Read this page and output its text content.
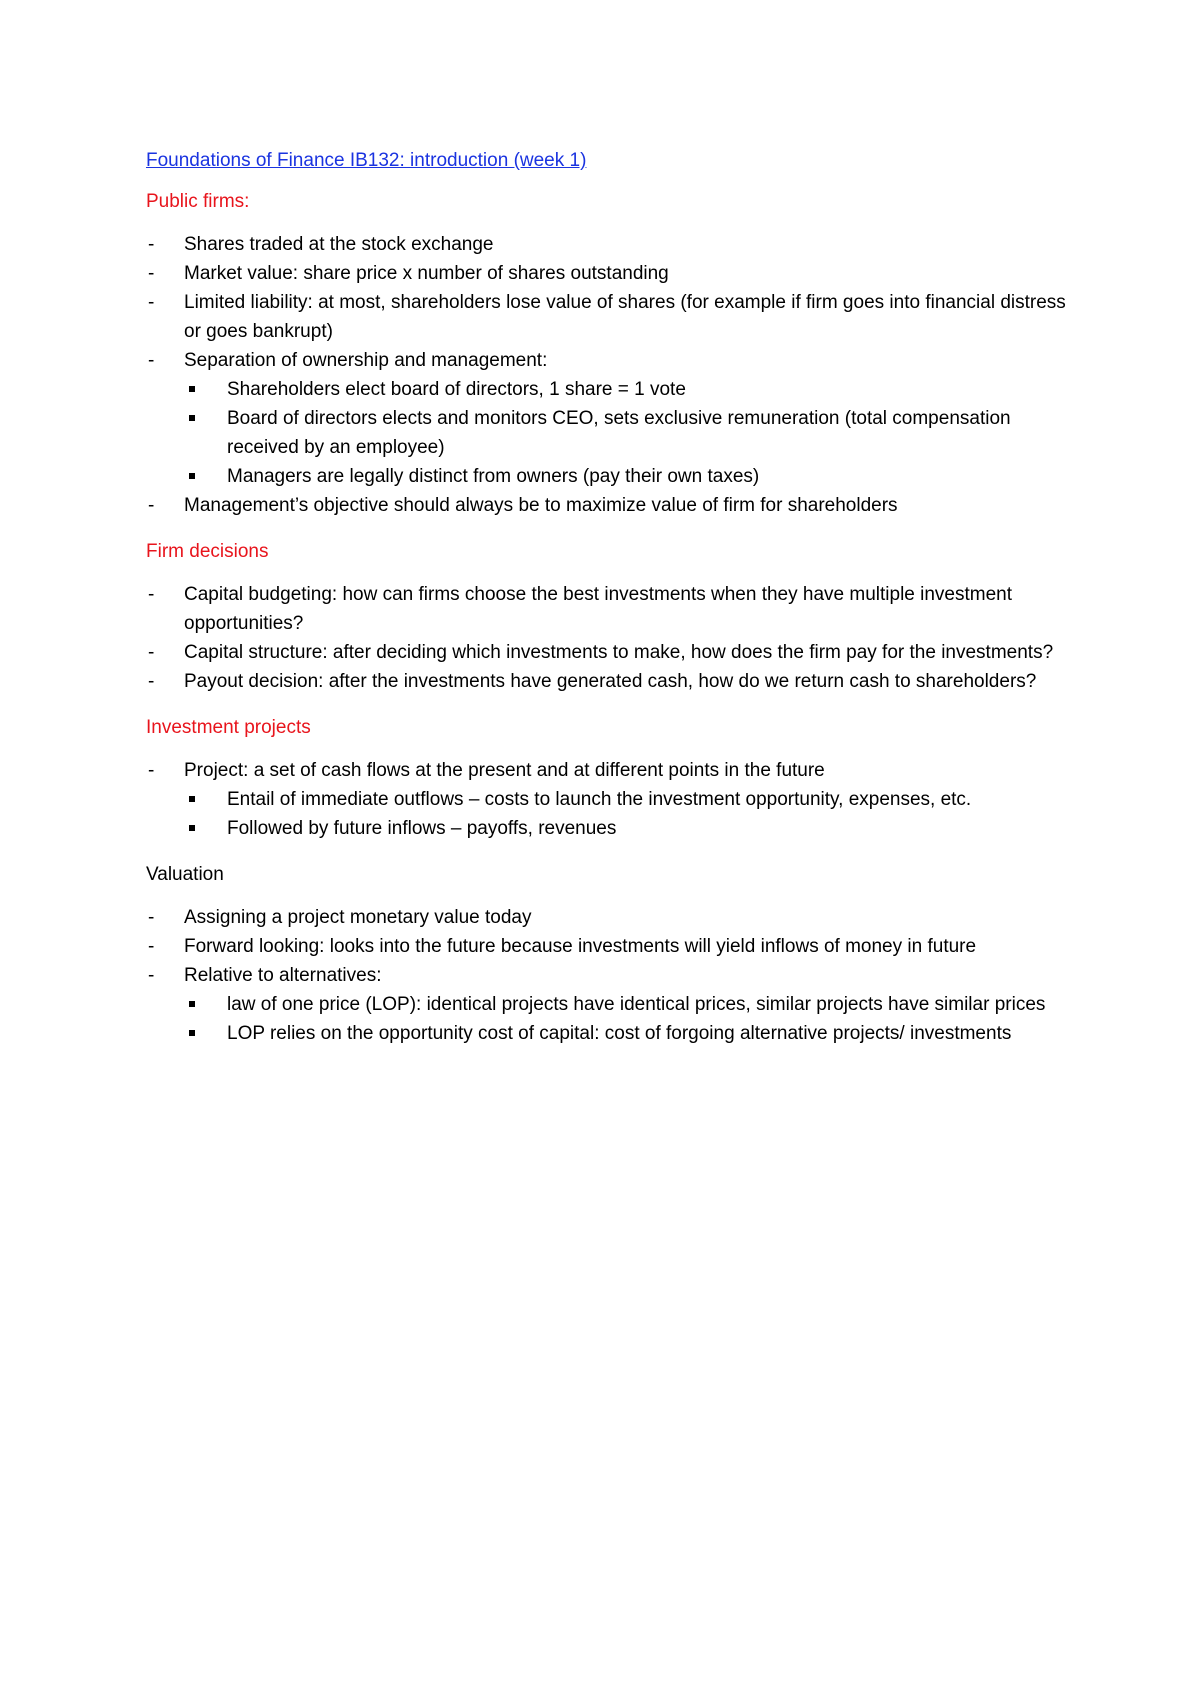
Foundations of Finance IB132: introduction (week 1)
Public firms:
- Shares traded at the stock exchange
- Market value: share price x number of shares outstanding
- Limited liability: at most, shareholders lose value of shares (for example if firm goes into financial distress or goes bankrupt)
- Separation of ownership and management:
Shareholders elect board of directors, 1 share = 1 vote
Board of directors elects and monitors CEO, sets exclusive remuneration (total compensation received by an employee)
Managers are legally distinct from owners (pay their own taxes)
- Management’s objective should always be to maximize value of firm for shareholders
Firm decisions
- Capital budgeting: how can firms choose the best investments when they have multiple investment opportunities?
- Capital structure: after deciding which investments to make, how does the firm pay for the investments?
- Payout decision: after the investments have generated cash, how do we return cash to shareholders?
Investment projects
- Project: a set of cash flows at the present and at different points in the future
Entail of immediate outflows – costs to launch the investment opportunity, expenses, etc.
Followed by future inflows – payoffs, revenues
Valuation
- Assigning a project monetary value today
- Forward looking: looks into the future because investments will yield inflows of money in future
- Relative to alternatives:
law of one price (LOP): identical projects have identical prices, similar projects have similar prices
LOP relies on the opportunity cost of capital: cost of forgoing alternative projects/ investments
